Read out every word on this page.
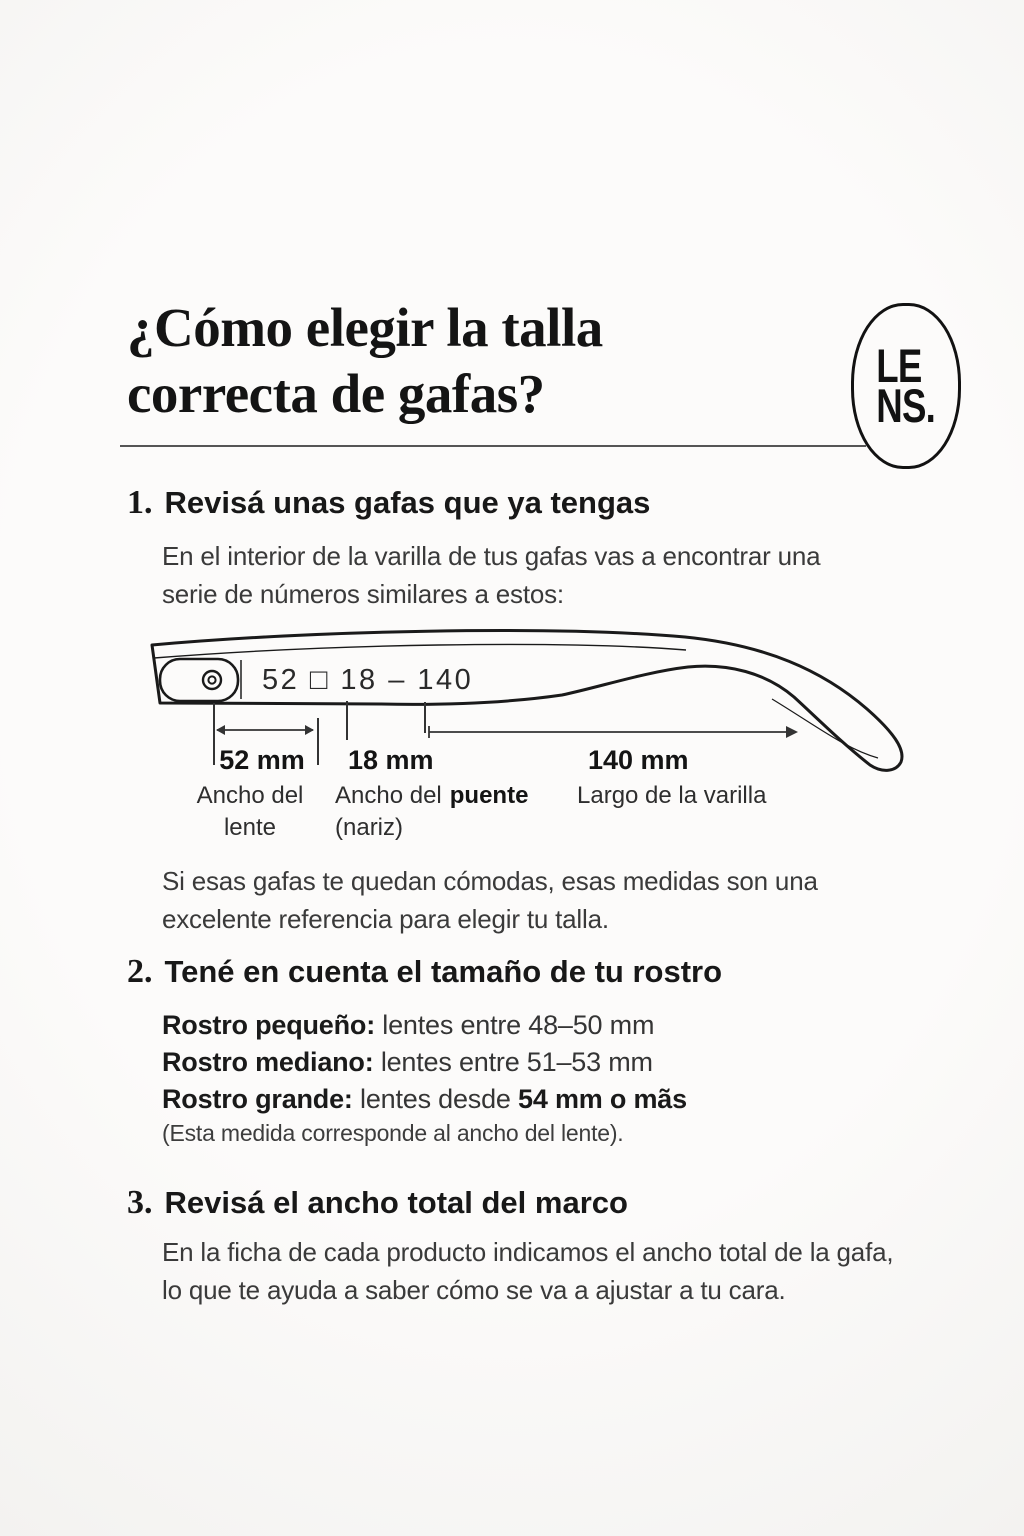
¿Cómo elegir la talla
correcta de gafas?	LE
NS.
1. Revisá unas gafas que ya tengas
En el interior de la varilla de tus gafas vas a encontrar una
serie de números similares a estos:
52 □ 18 – 140
52 mm 18 mm	140 mm
Ancho del
lente
Ancho del puente
(nariz)
Largo de la varilla
Si esas gafas te quedan cómodas, esas medidas son una
excelente referencia para elegir tu talla.
2. Tené en cuenta el tamaño de tu rostro
Rostro pequeño: lentes entre 48–50 mm
Rostro mediano: lentes entre 51–53 mm
Rostro grande: lentes desde 54 mm o mãs
(Esta medida corresponde al ancho del lente).
3. Revisá el ancho total del marco
En la ficha de cada producto indicamos el ancho total de la gafa,
lo que te ayuda a saber cómo se va a ajustar a tu cara.
